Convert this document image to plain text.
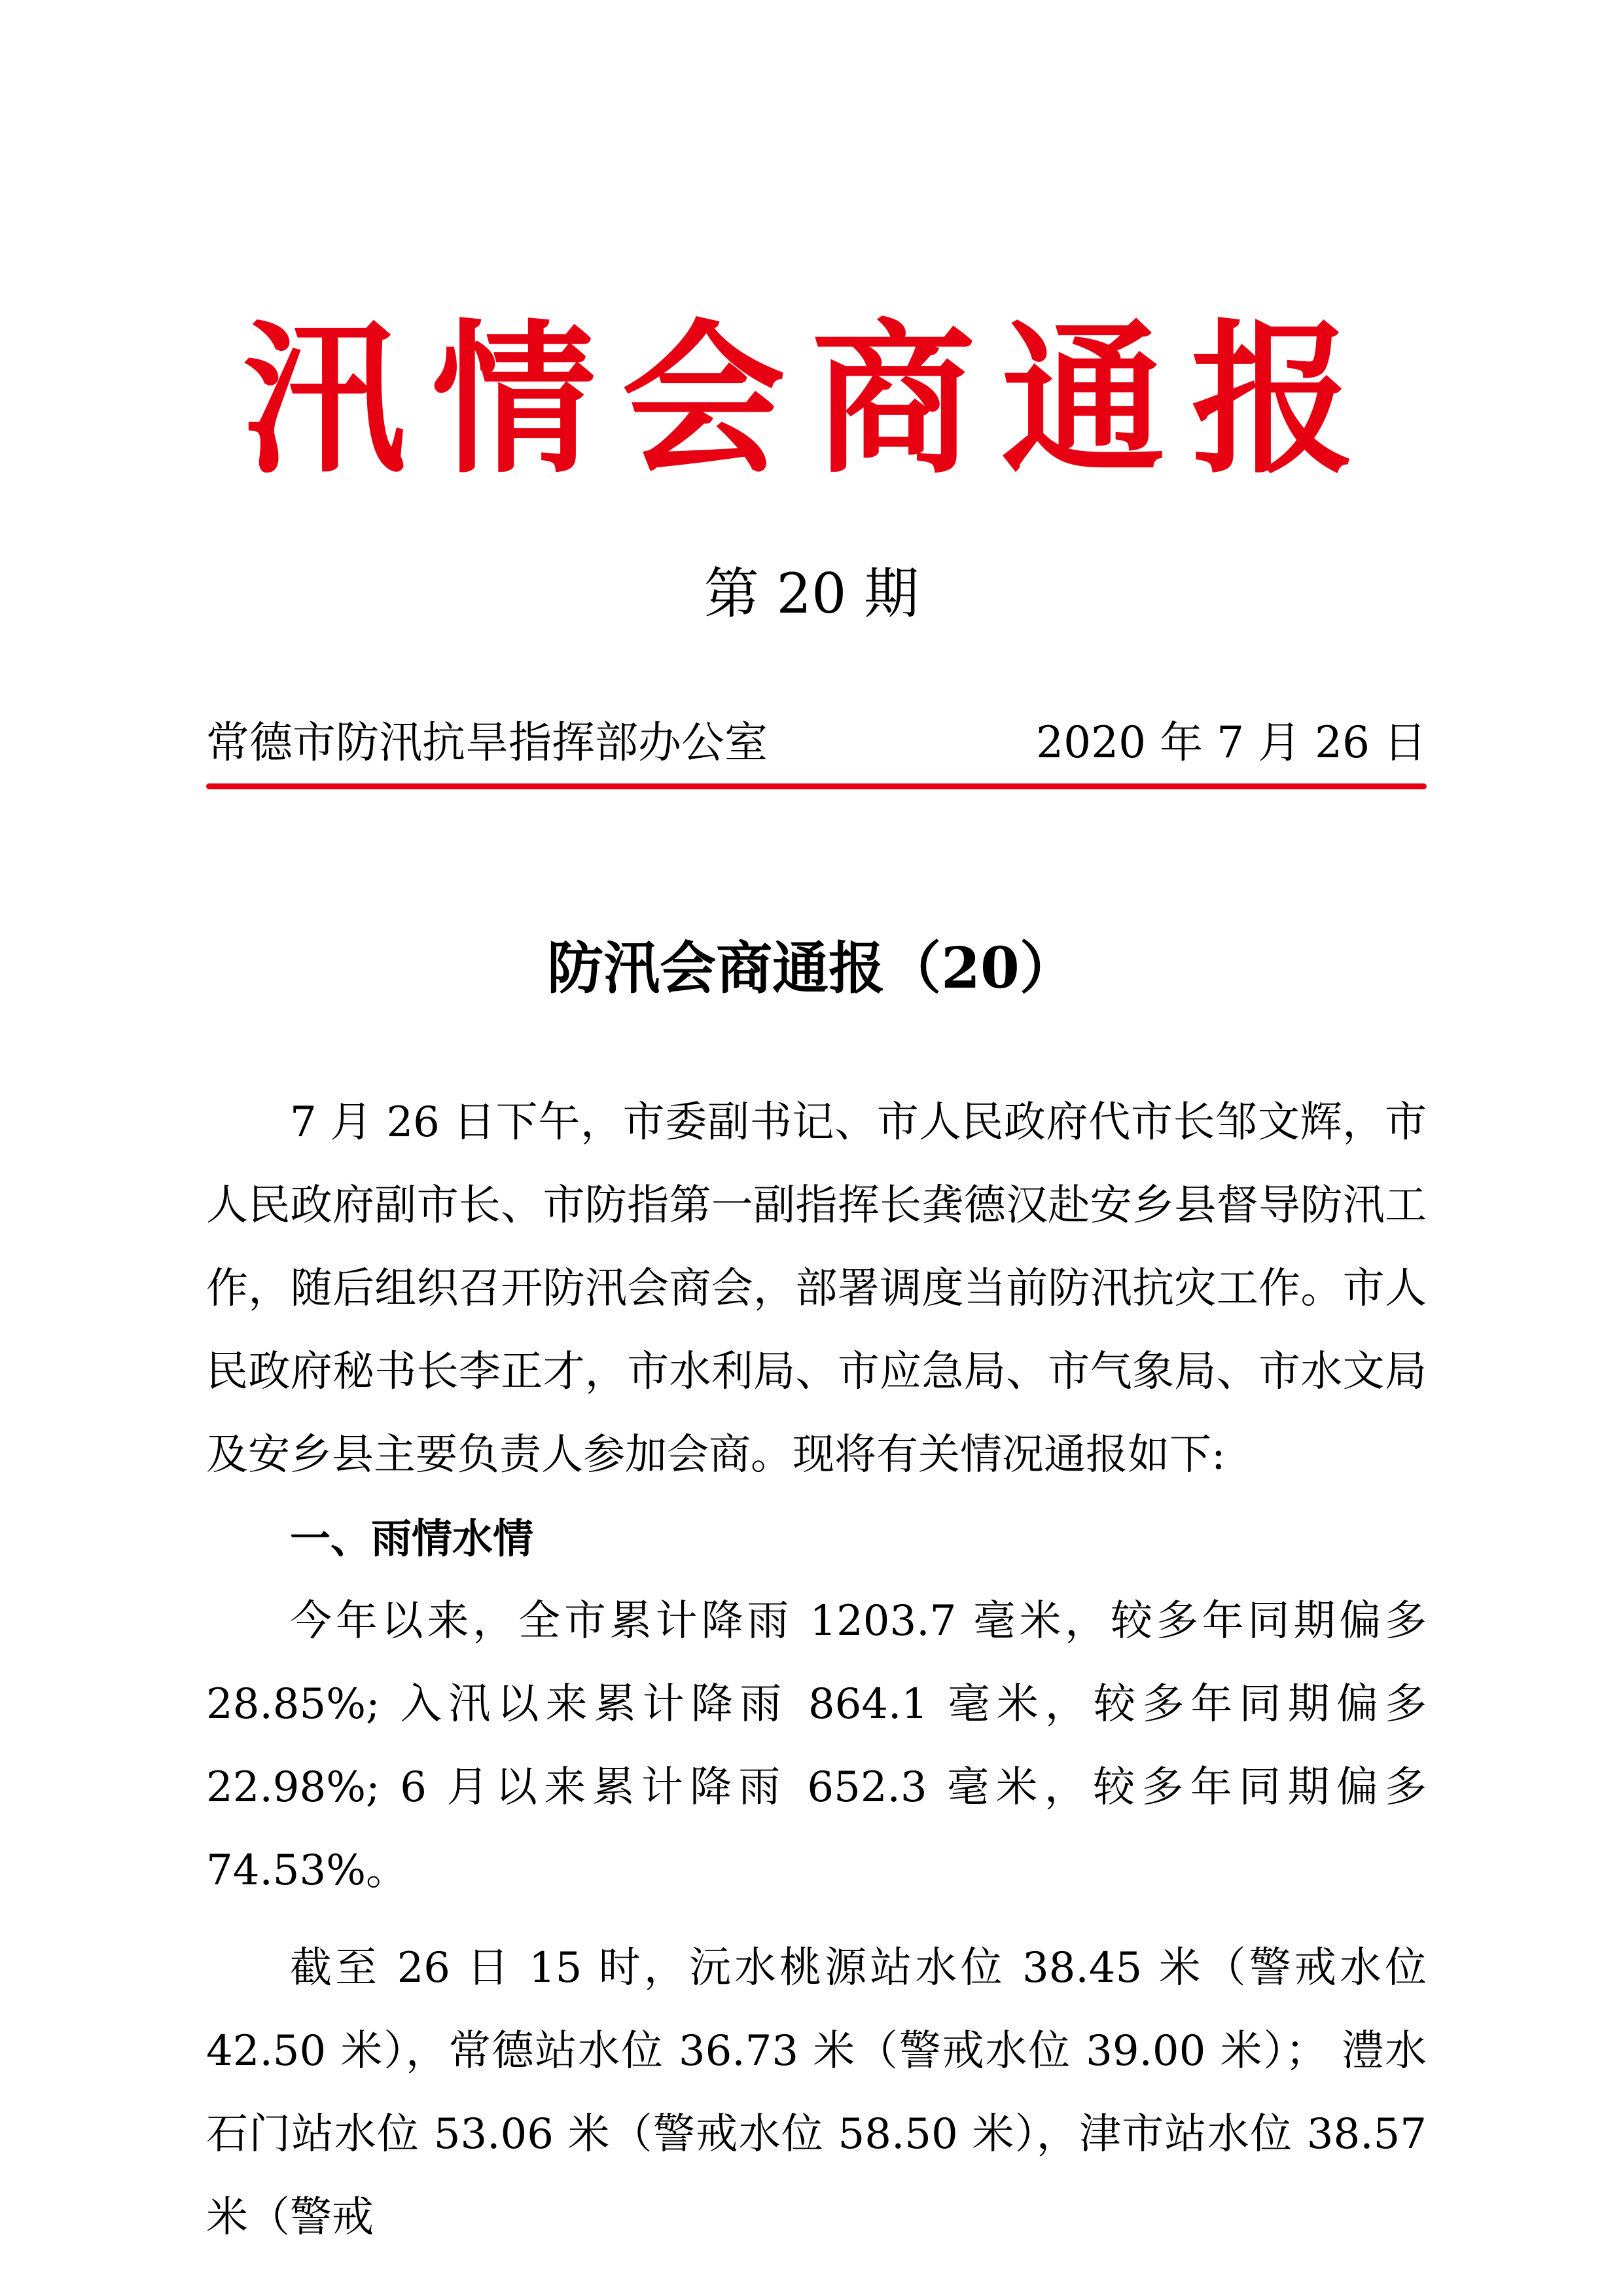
汛情会商通报
第 20 期
常德市防汛抗旱指挥部办公室	2020 年 7 月 26 日
防汛会商通报（20）

7 月 26 日下午，市委副书记、市人民政府代市长邹文辉，市人民政府副市长、市防指第一副指挥长龚德汉赴安乡县督导防汛工作，随后组织召开防汛会商会，部署调度当前防汛抗灾工作。市人民政府秘书长李正才，市水利局、市应急局、市气象局、市水文局及安乡县主要负责人参加会商。现将有关情况通报如下:

一、雨情水情

今年以来，全市累计降雨 1203.7 毫米，较多年同期偏多 28.85%; 入汛以来累计降雨 864.1 毫米，较多年同期偏多 22.98%; 6 月以来累计降雨 652.3 毫米，较多年同期偏多 74.53%。

截至 26 日 15 时，沅水桃源站水位 38.45 米（警戒水位 42.50 米），常德站水位 36.73 米（警戒水位 39.00 米）； 澧水石门站水位 53.06 米（警戒水位 58.50 米），津市站水位 38.57 米（警戒
